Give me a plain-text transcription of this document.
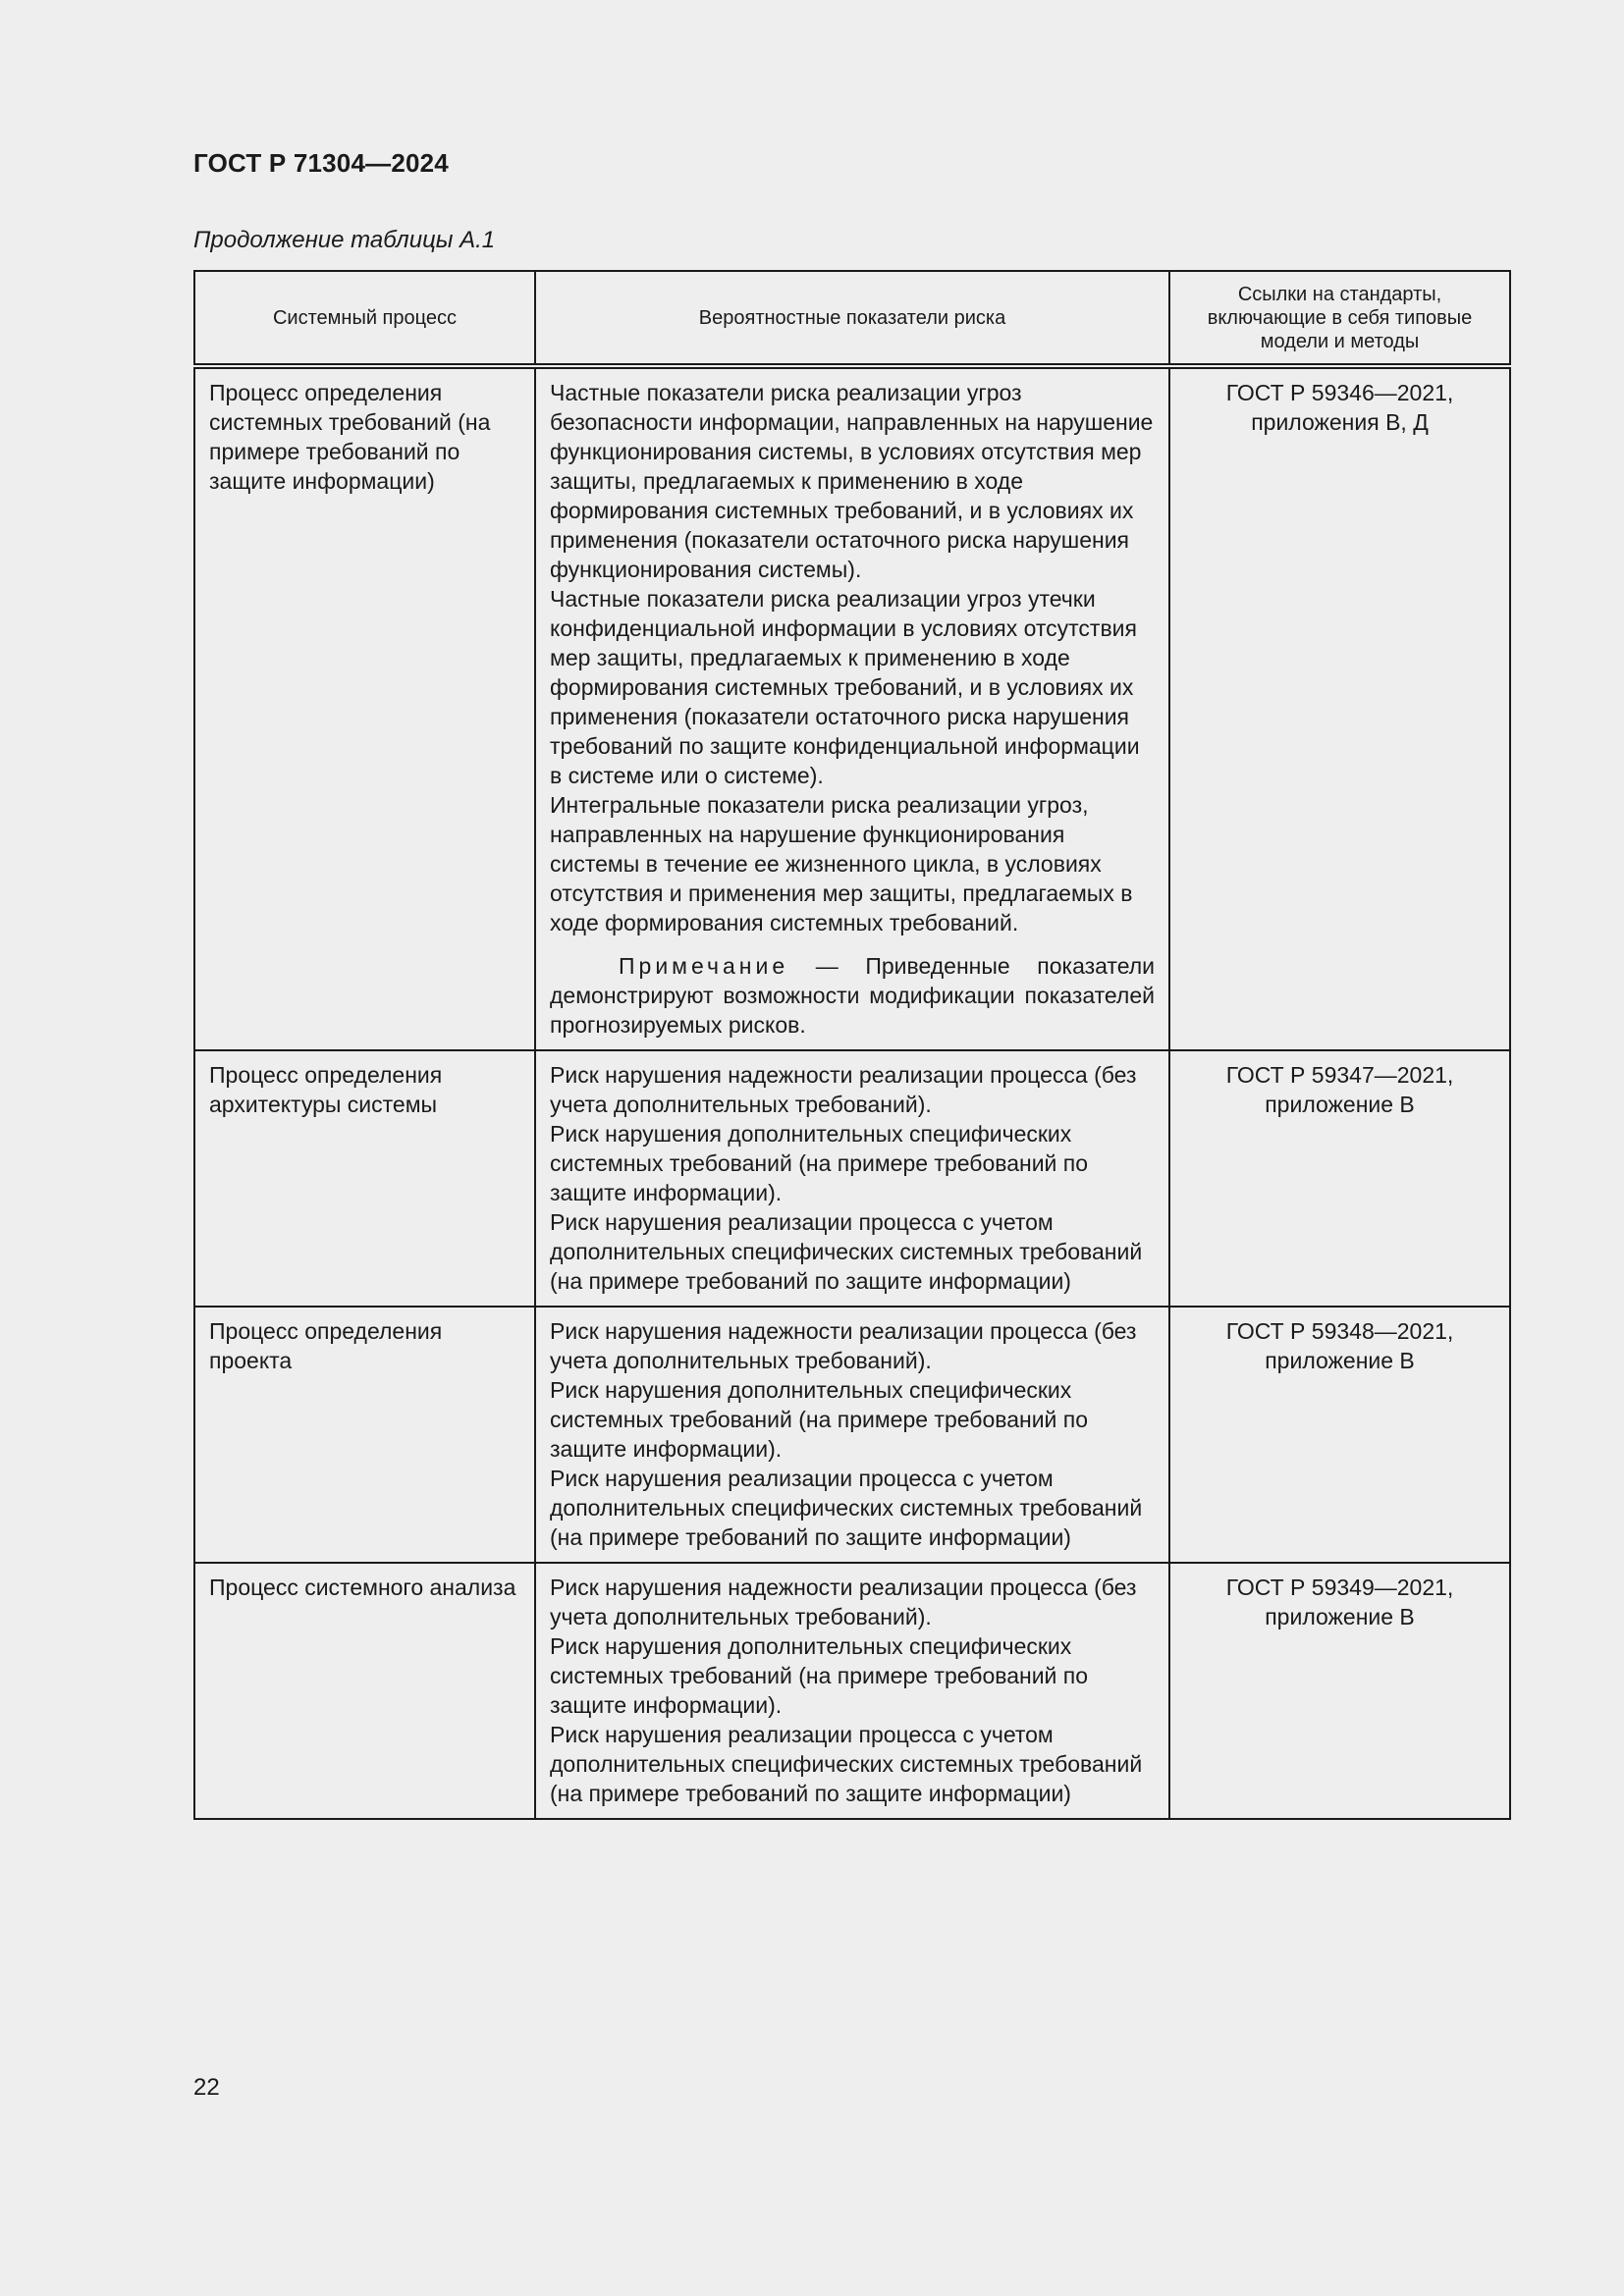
ГОСТ Р 71304—2024
Продолжение таблицы А.1
Системный процесс	Вероятностные показатели риска	Ссылки на стандарты, включающие в себя типовые модели и методы
Процесс определения системных требований (на примере требований по защите информации)	Частные показатели риска реализации угроз безопасности информации, направленных на нарушение функционирования системы, в условиях отсутствия мер защиты, предлагаемых к применению в ходе формирования системных требований, и в условиях их применения (показатели остаточного риска нарушения функционирования системы).

Частные показатели риска реализации угроз утечки конфиденциальной информации в условиях отсутствия мер защиты, предлагаемых к применению в ходе формирования системных требований, и в условиях их применения (показатели остаточного риска нарушения требований по защите конфиденциальной информации в системе или о системе).

Интегральные показатели риска реализации угроз, направленных на нарушение функционирования системы в течение ее жизненного цикла, в условиях отсутствия и применения мер защиты, предлагаемых в ходе формирования системных требований.

Примечание — Приведенные показатели демонстрируют возможности модификации показателей прогнозируемых рисков.	ГОСТ Р 59346—2021, приложения В, Д
Процесс определения архитектуры системы	Риск нарушения надежности реализации процесса (без учета дополнительных требований).

Риск нарушения дополнительных специфических системных требований (на примере требований по защите информации).

Риск нарушения реализации процесса с учетом дополнительных специфических системных требований (на примере требований по защите информации)	ГОСТ Р 59347—2021, приложение В
Процесс определения проекта	Риск нарушения надежности реализации процесса (без учета дополнительных требований).

Риск нарушения дополнительных специфических системных требований (на примере требований по защите информации).

Риск нарушения реализации процесса с учетом дополнительных специфических системных требований (на примере требований по защите информации)	ГОСТ Р 59348—2021, приложение В
Процесс системного анализа	Риск нарушения надежности реализации процесса (без учета дополнительных требований).

Риск нарушения дополнительных специфических системных требований (на примере требований по защите информации).

Риск нарушения реализации процесса с учетом дополнительных специфических системных требований (на примере требований по защите информации)	ГОСТ Р 59349—2021, приложение В
22
